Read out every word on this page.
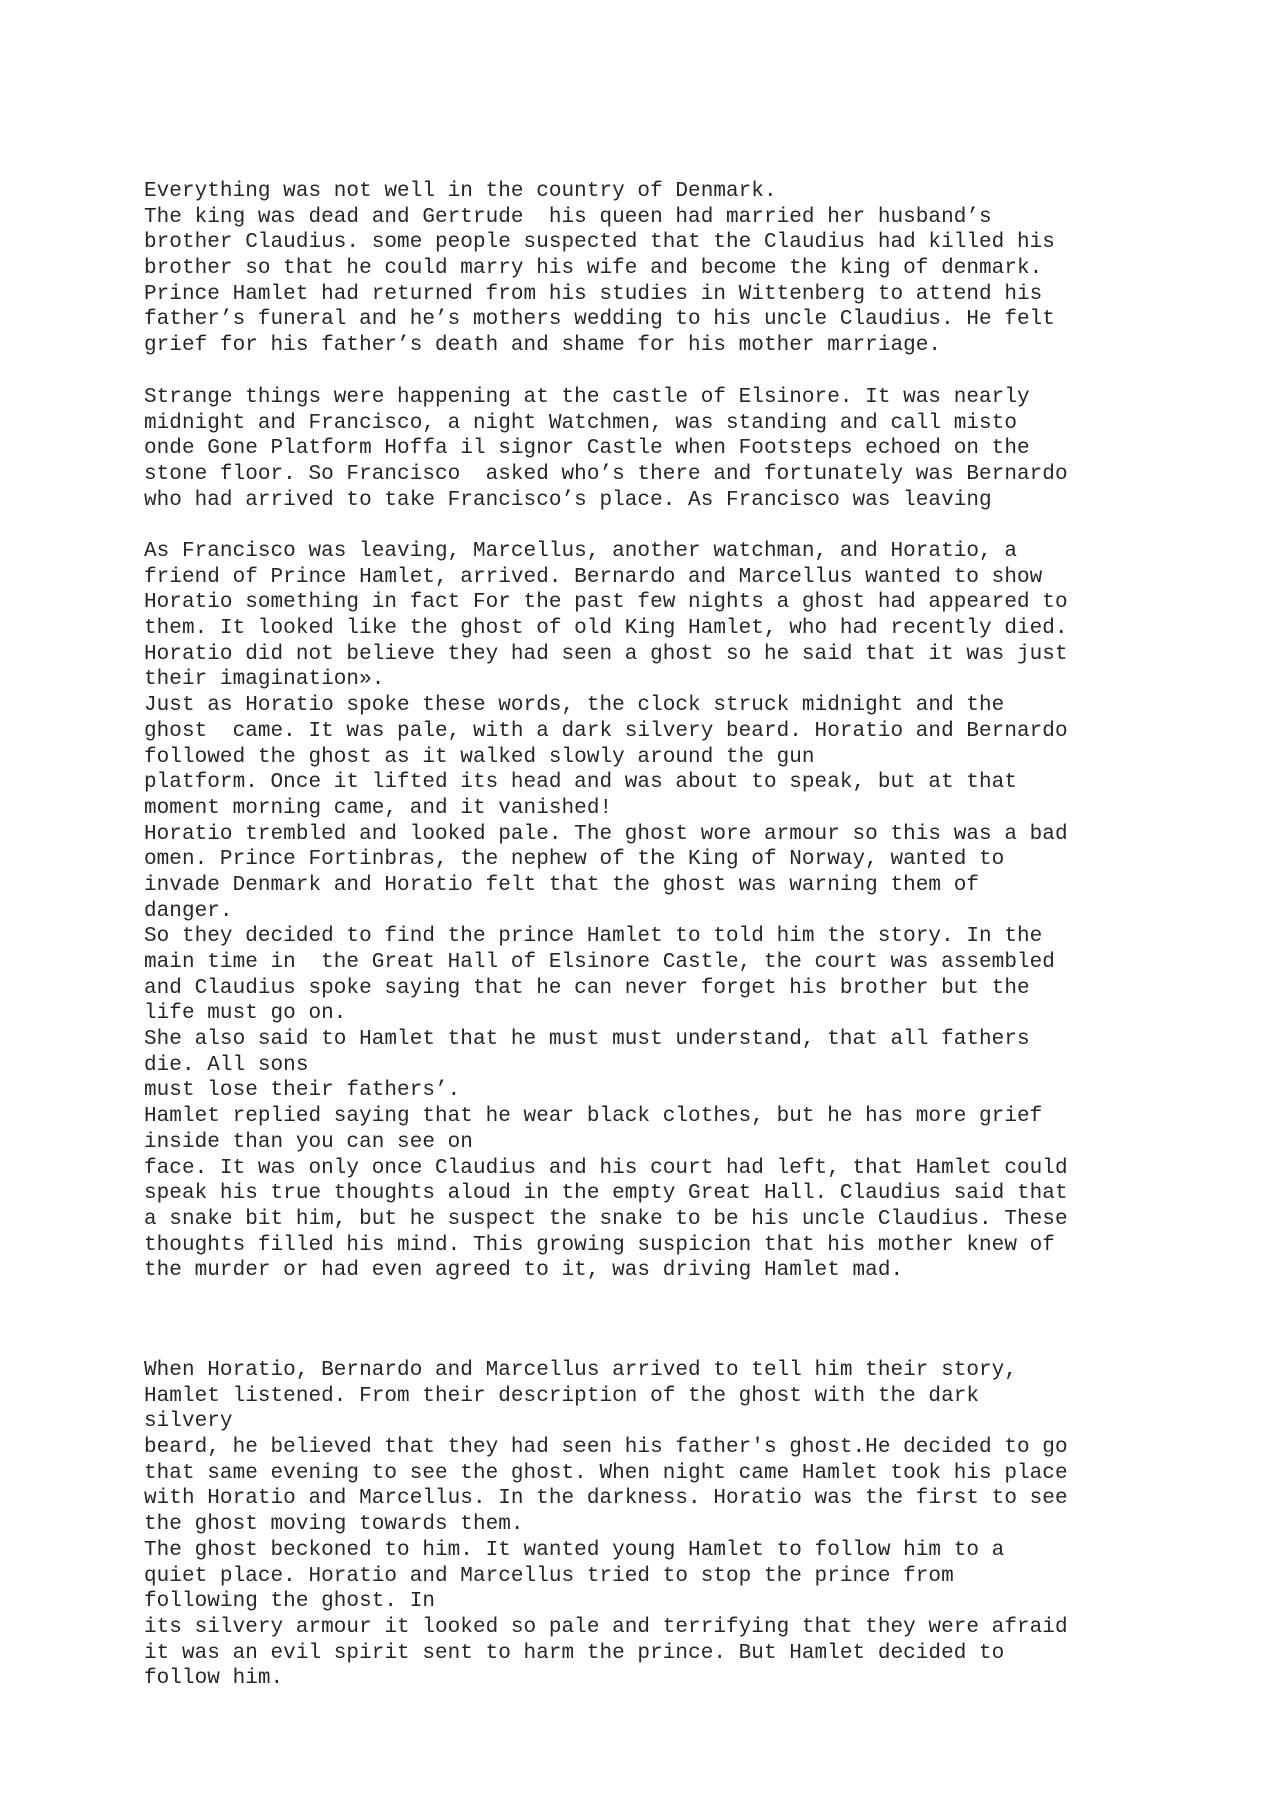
Everything was not well in the country of Denmark.
The king was dead and Gertrude  his queen had married her husband’s
brother Claudius. some people suspected that the Claudius had killed his
brother so that he could marry his wife and become the king of denmark.
Prince Hamlet had returned from his studies in Wittenberg to attend his
father’s funeral and he’s mothers wedding to his uncle Claudius. He felt
grief for his father’s death and shame for his mother marriage.
Strange things were happening at the castle of Elsinore. It was nearly
midnight and Francisco, a night Watchmen, was standing and call misto
onde Gone Platform Hoffa il signor Castle when Footsteps echoed on the
stone floor. So Francisco  asked who’s there and fortunately was Bernardo
who had arrived to take Francisco’s place. As Francisco was leaving
As Francisco was leaving, Marcellus, another watchman, and Horatio, a
friend of Prince Hamlet, arrived. Bernardo and Marcellus wanted to show
Horatio something in fact For the past few nights a ghost had appeared to
them. It looked like the ghost of old King Hamlet, who had recently died.
Horatio did not believe they had seen a ghost so he said that it was just
their imagination».
Just as Horatio spoke these words, the clock struck midnight and the
ghost  came. It was pale, with a dark silvery beard. Horatio and Bernardo
followed the ghost as it walked slowly around the gun
platform. Once it lifted its head and was about to speak, but at that
moment morning came, and it vanished!
Horatio trembled and looked pale. The ghost wore armour so this was a bad
omen. Prince Fortinbras, the nephew of the King of Norway, wanted to
invade Denmark and Horatio felt that the ghost was warning them of
danger.
So they decided to find the prince Hamlet to told him the story. In the
main time in  the Great Hall of Elsinore Castle, the court was assembled
and Claudius spoke saying that he can never forget his brother but the
life must go on.
She also said to Hamlet that he must must understand, that all fathers
die. All sons
must lose their fathers’.
Hamlet replied saying that he wear black clothes, but he has more grief
inside than you can see on
face. It was only once Claudius and his court had left, that Hamlet could
speak his true thoughts aloud in the empty Great Hall. Claudius said that
a snake bit him, but he suspect the snake to be his uncle Claudius. These
thoughts filled his mind. This growing suspicion that his mother knew of
the murder or had even agreed to it, was driving Hamlet mad.
When Horatio, Bernardo and Marcellus arrived to tell him their story,
Hamlet listened. From their description of the ghost with the dark
silvery
beard, he believed that they had seen his father's ghost.He decided to go
that same evening to see the ghost. When night came Hamlet took his place
with Horatio and Marcellus. In the darkness. Horatio was the first to see
the ghost moving towards them.
The ghost beckoned to him. It wanted young Hamlet to follow him to a
quiet place. Horatio and Marcellus tried to stop the prince from
following the ghost. In
its silvery armour it looked so pale and terrifying that they were afraid
it was an evil spirit sent to harm the prince. But Hamlet decided to
follow him.
